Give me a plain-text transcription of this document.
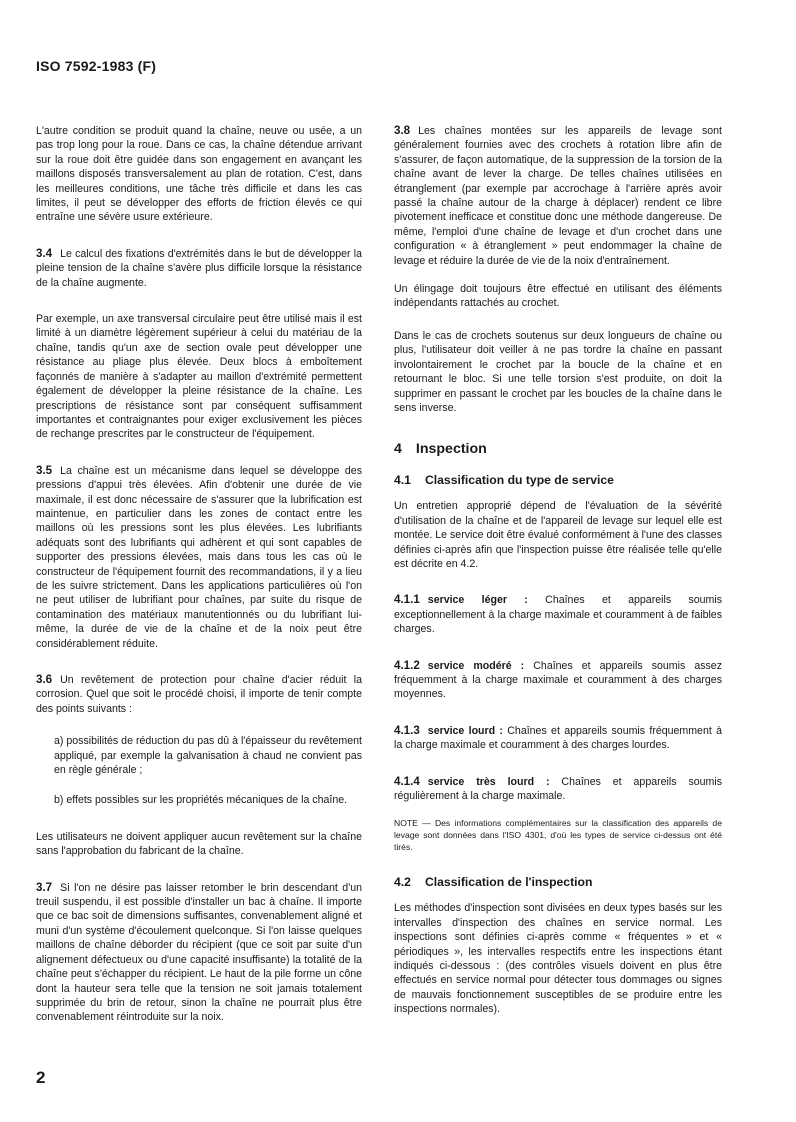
ISO 7592-1983 (F)

L'autre condition se produit quand la chaîne, neuve ou usée, a un pas trop long pour la roue. Dans ce cas, la chaîne détendue arrivant sur la roue doit être guidée dans son engagement en avançant les maillons disposés transversalement au plan de rotation. C'est, dans les meilleures conditions, une tâche très difficile et dans les cas limites, il peut se développer des efforts de friction élevés ce qui entraîne une sévère usure extérieure.

3.4 Le calcul des fixations d'extrémités dans le but de développer la pleine tension de la chaîne s'avère plus difficile lorsque la résistance de la chaîne augmente.

Par exemple, un axe transversal circulaire peut être utilisé mais il est limité à un diamètre légèrement supérieur à celui du matériau de la chaîne, tandis qu'un axe de section ovale peut développer une résistance au pliage plus élevée. Deux blocs à emboîtement façonnés de manière à s'adapter au maillon d'extrémité permettent également de développer la pleine résistance de la chaîne. Les prescriptions de résistance sont par conséquent suffisamment importantes et contraignantes pour exiger exclusivement les pièces de rechange prescrites par le constructeur de l'équipement.

3.5 La chaîne est un mécanisme dans lequel se développe des pressions d'appui très élevées. Afin d'obtenir une durée de vie maximale, il est donc nécessaire de s'assurer que la lubrification est maintenue, en particulier dans les zones de contact entre les maillons où les pressions sont les plus élevées. Les lubrifiants adéquats sont des lubrifiants qui adhèrent et qui sont capables de supporter des pressions élevées, mais dans tous les cas où le constructeur de l'équipement fournit des recommandations, il y a lieu de les suivre strictement. Dans les applications particulières où l'on ne peut utiliser de lubrifiant pour chaînes, par suite du risque de contamination des matériaux manutentionnés ou du lubrifiant lui-même, la durée de vie de la chaîne et de la noix peut être considérablement réduite.

3.6 Un revêtement de protection pour chaîne d'acier réduit la corrosion. Quel que soit le procédé choisi, il importe de tenir compte des points suivants :

a) possibilités de réduction du pas dû à l'épaisseur du revêtement appliqué, par exemple la galvanisation à chaud ne convient pas en règle générale ;

b) effets possibles sur les propriétés mécaniques de la chaîne.

Les utilisateurs ne doivent appliquer aucun revêtement sur la chaîne sans l'approbation du fabricant de la chaîne.

3.7 Si l'on ne désire pas laisser retomber le brin descendant d'un treuil suspendu, il est possible d'installer un bac à chaîne. Il importe que ce bac soit de dimensions suffisantes, convenablement aligné et muni d'un système d'écoulement quelconque. Si l'on laisse quelques maillons de chaîne déborder du récipient (que ce soit par suite d'un alignement défectueux ou d'une capacité insuffisante) la totalité de la chaîne peut s'échapper du récipient. Le haut de la pile forme un cône dont la hauteur sera telle que la tension ne soit jamais totalement supprimée du brin de retour, sinon la chaîne ne pourrait plus être convenablement réintroduite sur la noix.

3.8 Les chaînes montées sur les appareils de levage sont généralement fournies avec des crochets à rotation libre afin de s'assurer, de façon automatique, de la suppression de la torsion de la chaîne avant de lever la charge. De telles chaînes utilisées en étranglement (par exemple par accrochage à l'arrière après avoir passé la chaîne autour de la charge à déplacer) rendent ce libre pivotement inefficace et constitue donc une méthode dangereuse. De même, l'emploi d'une chaîne de levage et d'un crochet dans une configuration « à étranglement » peut endommager la chaîne de levage et réduire la durée de vie de la noix d'entraînement.

Un élingage doit toujours être effectué en utilisant des éléments indépendants rattachés au crochet.

Dans le cas de crochets soutenus sur deux longueurs de chaîne ou plus, l'utilisateur doit veiller à ne pas tordre la chaîne en passant involontairement le crochet par la boucle de la chaîne et en retournant le bloc. Si une telle torsion s'est produite, on doit la supprimer en passant le crochet par les boucles de la chaîne dans le sens inverse.

4 Inspection
4.1 Classification du type de service

Un entretien approprié dépend de l'évaluation de la sévérité d'utilisation de la chaîne et de l'appareil de levage sur lequel elle est montée. Le service doit être évalué conformément à l'une des classes définies ci-après afin que l'inspection puisse être réalisée telle qu'elle est décrite en 4.2.

4.1.1 service léger : Chaînes et appareils soumis exceptionnellement à la charge maximale et couramment à de faibles charges.

4.1.2 service modéré : Chaînes et appareils soumis assez fréquemment à la charge maximale et couramment à des charges moyennes.

4.1.3 service lourd : Chaînes et appareils soumis fréquemment à la charge maximale et couramment à des charges lourdes.

4.1.4 service très lourd : Chaînes et appareils soumis régulièrement à la charge maximale.

NOTE — Des informations complémentaires sur la classification des appareils de levage sont données dans l'ISO 4301, d'où les types de service ci-dessus ont été tirés.

4.2 Classification de l'inspection

Les méthodes d'inspection sont divisées en deux types basés sur les intervalles d'inspection des chaînes en service normal. Les inspections sont définies ci-après comme « fréquentes » et « périodiques », les intervalles respectifs entre les inspections étant indiqués ci-dessous : (des contrôles visuels doivent en plus être effectués en service normal pour détecter tous dommages ou signes de mauvais fonctionnement susceptibles de se produire entre les inspections normales).

2
